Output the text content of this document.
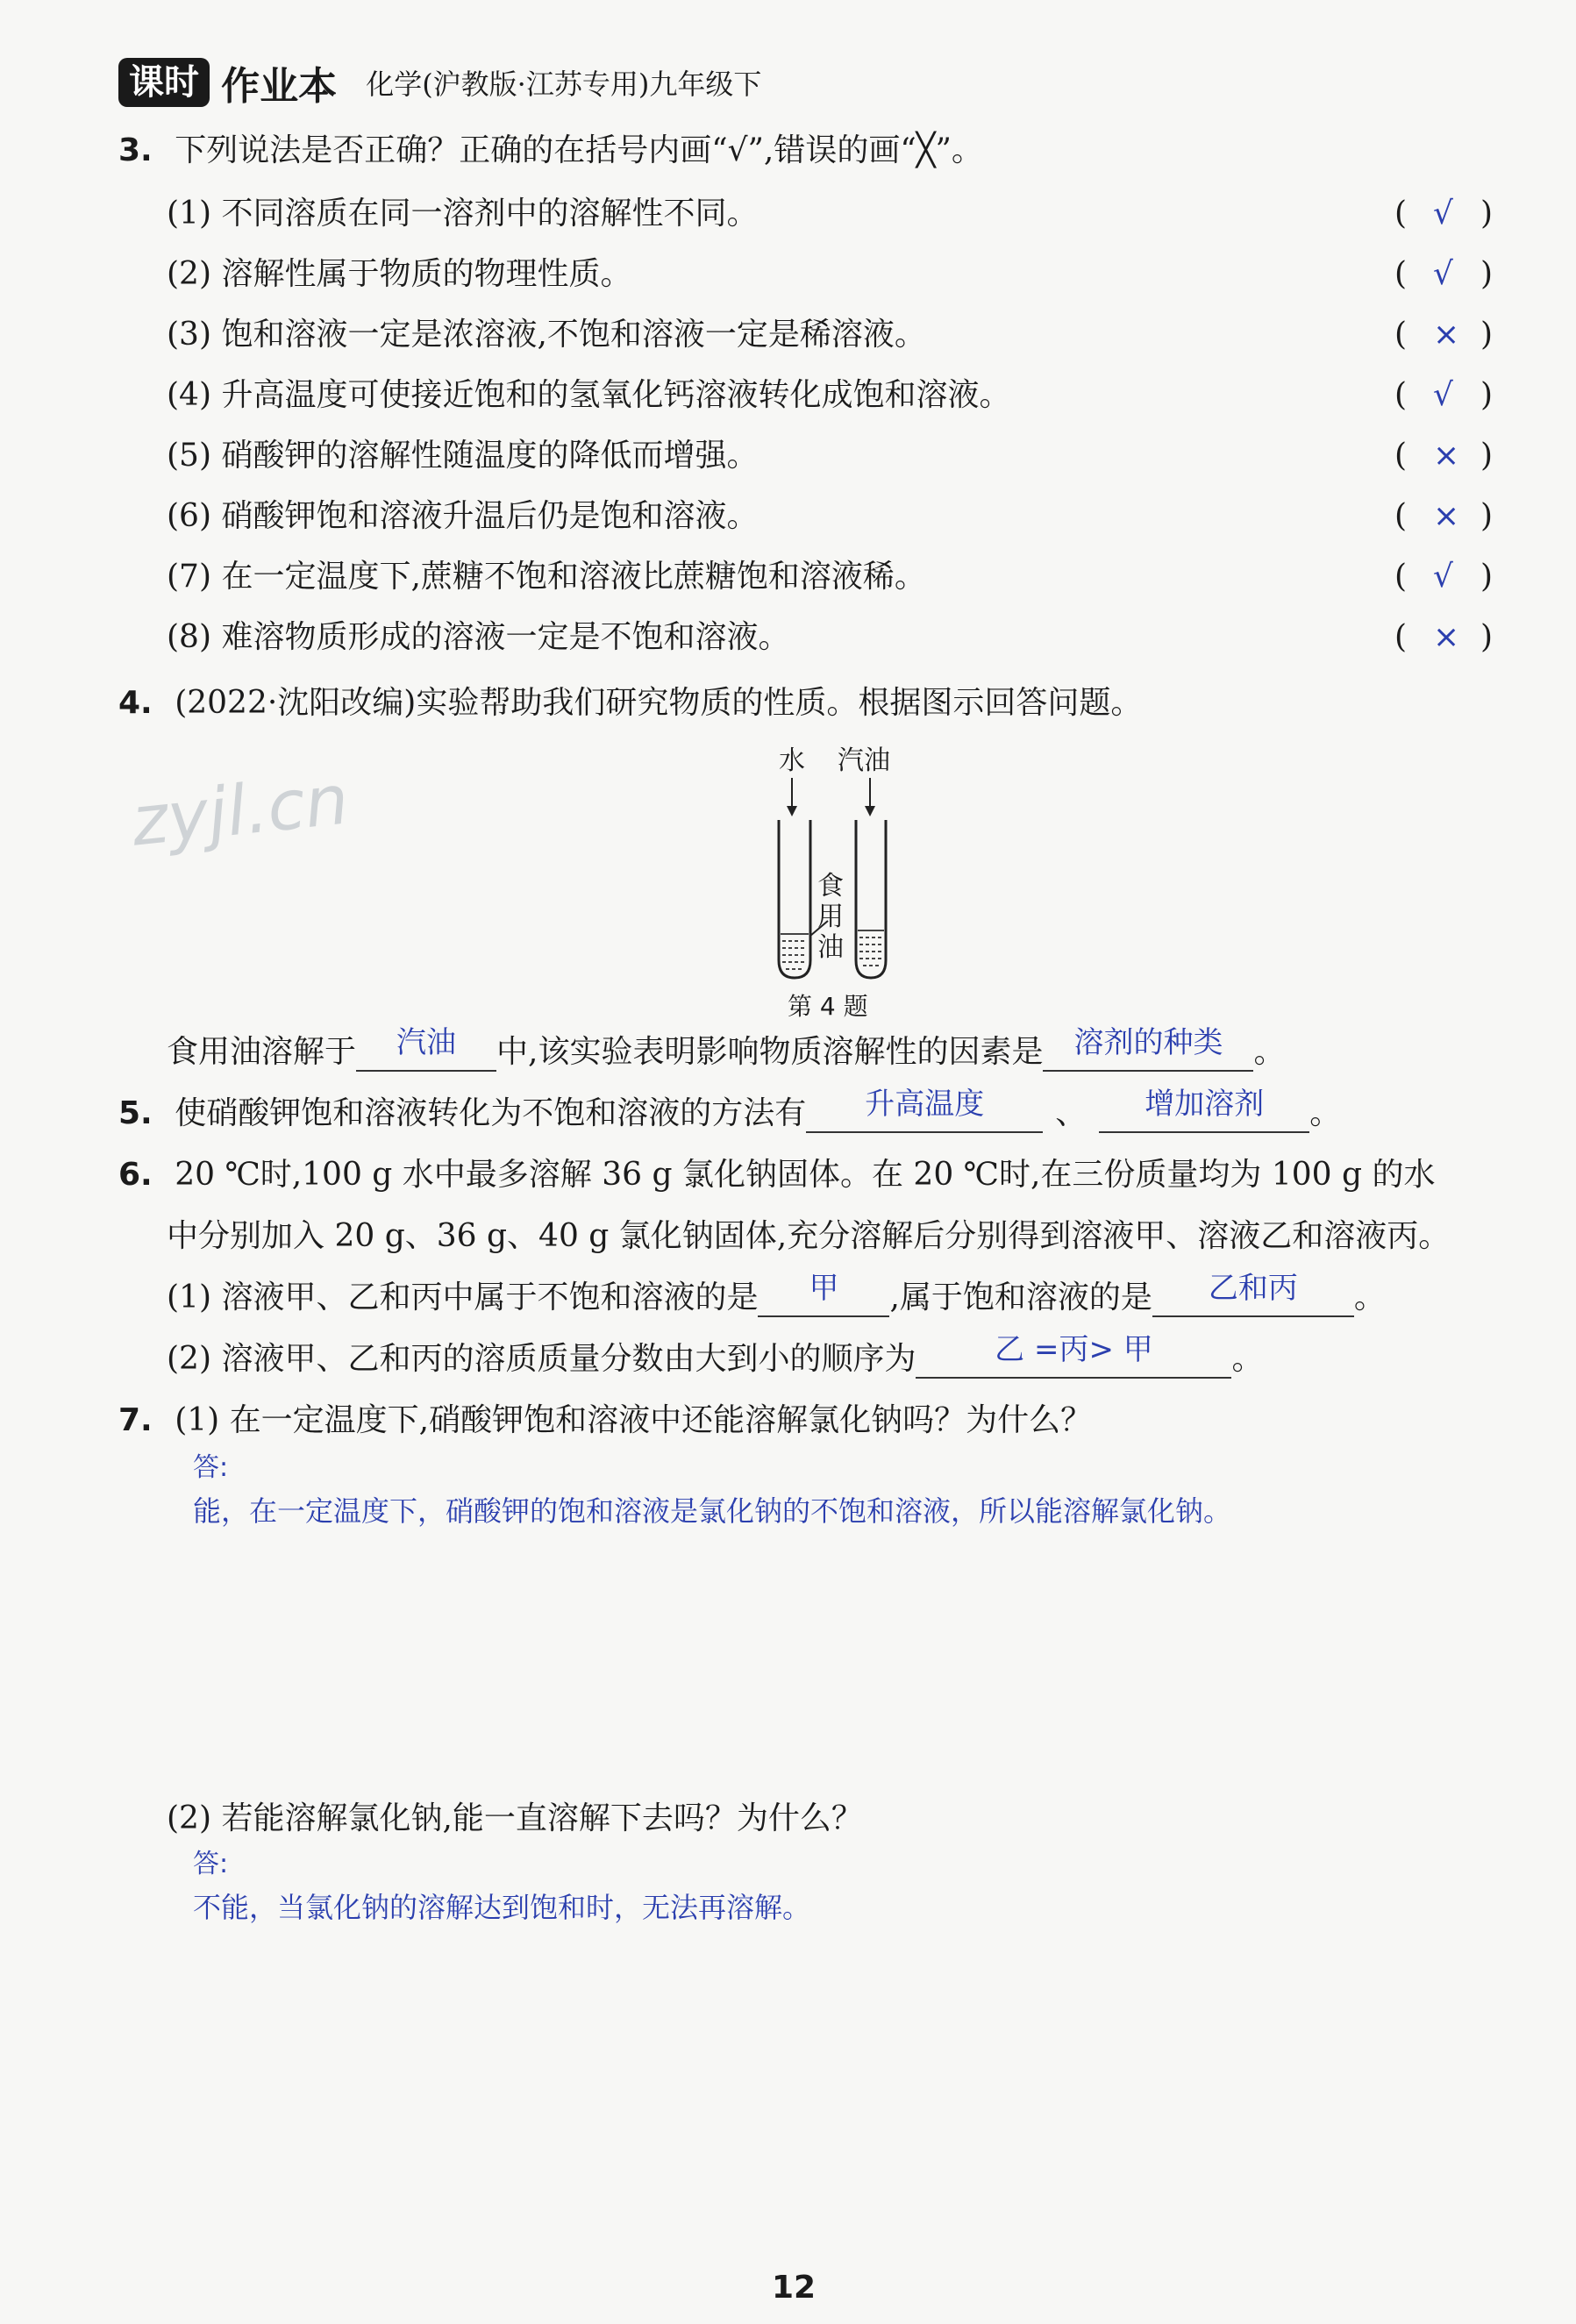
课时 作业本 化学(沪教版·江苏专用)九年级下
3. 下列说法是否正确？正确的在括号内画“√”,错误的画“╳”。
(1) 不同溶质在同一溶剂中的溶解性不同。	( √ )
(2) 溶解性属于物质的物理性质。	( √ )
(3) 饱和溶液一定是浓溶液,不饱和溶液一定是稀溶液。	( × )
(4) 升高温度可使接近饱和的氢氧化钙溶液转化成饱和溶液。	( √ )
(5) 硝酸钾的溶解性随温度的降低而增强。	( × )
(6) 硝酸钾饱和溶液升温后仍是饱和溶液。	( × )
(7) 在一定温度下,蔗糖不饱和溶液比蔗糖饱和溶液稀。	( √ )
(8) 难溶物质形成的溶液一定是不饱和溶液。	( × )
4. (2022·沈阳改编)实验帮助我们研究物质的性质。根据图示回答问题。
水 汽油
食
用
油
第 4 题
食用油溶解于 汽油 中,该实验表明影响物质溶解性的因素是 溶剂的种类 。
5. 使硝酸钾饱和溶液转化为不饱和溶液的方法有 升高温度 、 增加溶剂 。
6. 20 ℃时,100 g 水中最多溶解 36 g 氯化钠固体。在 20 ℃时,在三份质量均为 100 g 的水
中分别加入 20 g、36 g、40 g 氯化钠固体,充分溶解后分别得到溶液甲、溶液乙和溶液丙。
(1) 溶液甲、乙和丙中属于不饱和溶液的是 甲 ,属于饱和溶液的是 乙和丙 。
(2) 溶液甲、乙和丙的溶质质量分数由大到小的顺序为	乙 =丙> 甲 。
7. (1) 在一定温度下,硝酸钾饱和溶液中还能溶解氯化钠吗？为什么？
答:
能，在一定温度下，硝酸钾的饱和溶液是氯化钠的不饱和溶液，所以能溶解氯化钠。
(2) 若能溶解氯化钠,能一直溶解下去吗？为什么？
答:
不能，当氯化钠的溶解达到饱和时，无法再溶解。
zyjl.cn
12
